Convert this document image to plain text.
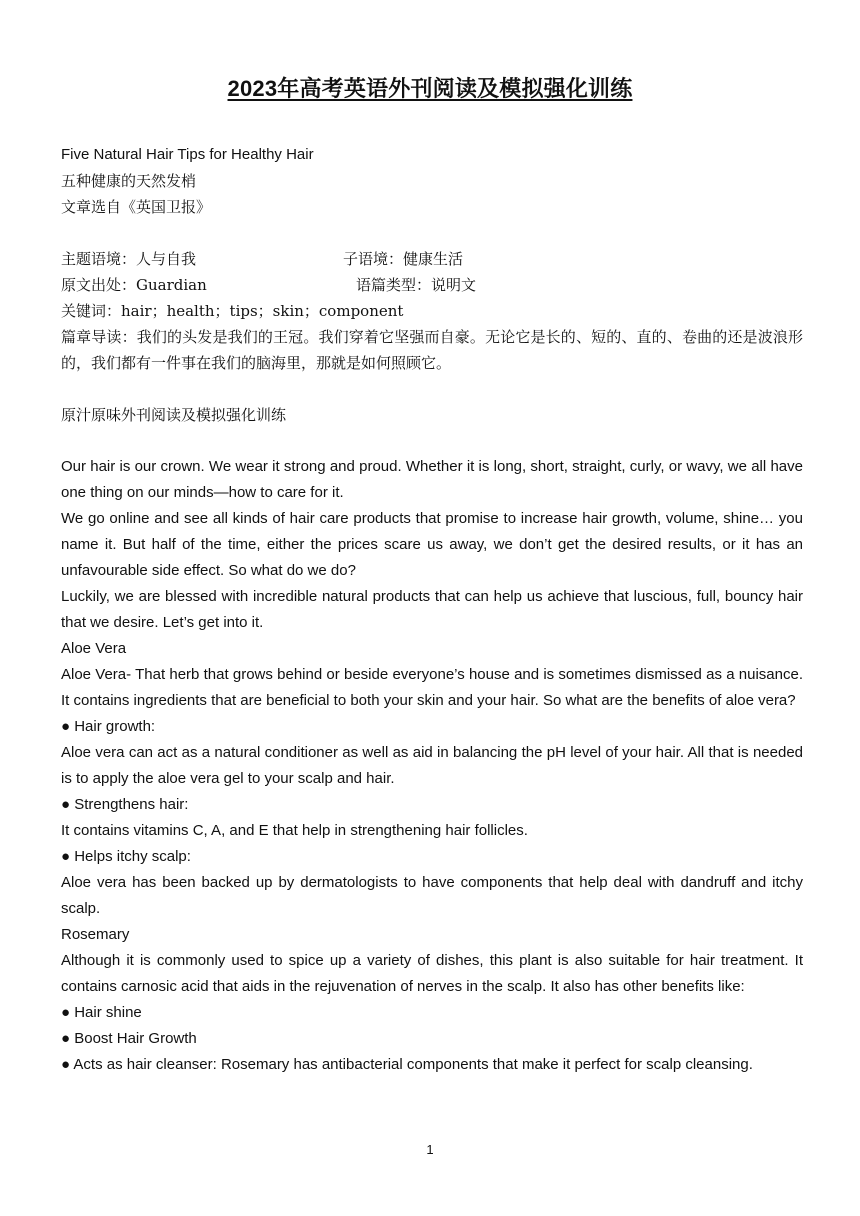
2023年高考英语外刊阅读及模拟强化训练

Five Natural Hair Tips for Healthy Hair

五种健康的天然发梢

文章选自《英国卫报》

主题语境：人与自我	子语境：健康生活

原文出处：Guardian	语篇类型：说明文

关键词：hair；health；tips；skin；component

篇章导读：我们的头发是我们的王冠。我们穿着它坚强而自豪。无论它是长的、短的、直的、卷曲的还是波浪形的，我们都有一件事在我们的脑海里，那就是如何照顾它。

原汁原味外刊阅读及模拟强化训练

Our hair is our crown. We wear it strong and proud. Whether it is long, short, straight, curly, or wavy, we all have one thing on our minds—how to care for it.

We go online and see all kinds of hair care products that promise to increase hair growth, volume, shine… you name it. But half of the time, either the prices scare us away, we don’t get the desired results, or it has an unfavourable side effect. So what do we do?

Luckily, we are blessed with incredible natural products that can help us achieve that luscious, full, bouncy hair that we desire. Let’s get into it.

Aloe Vera

Aloe Vera- That herb that grows behind or beside everyone’s house and is sometimes dismissed as a nuisance. It contains ingredients that are beneficial to both your skin and your hair. So what are the benefits of aloe vera?

● Hair growth:

Aloe vera can act as a natural conditioner as well as aid in balancing the pH level of your hair. All that is needed is to apply the aloe vera gel to your scalp and hair.

● Strengthens hair:

It contains vitamins C, A, and E that help in strengthening hair follicles.

● Helps itchy scalp:

Aloe vera has been backed up by dermatologists to have components that help deal with dandruff and itchy scalp.

Rosemary

Although it is commonly used to spice up a variety of dishes, this plant is also suitable for hair treatment. It contains carnosic acid that aids in the rejuvenation of nerves in the scalp. It also has other benefits like:

● Hair shine

● Boost Hair Growth

● Acts as hair cleanser: Rosemary has antibacterial components that make it perfect for scalp cleansing.

1
